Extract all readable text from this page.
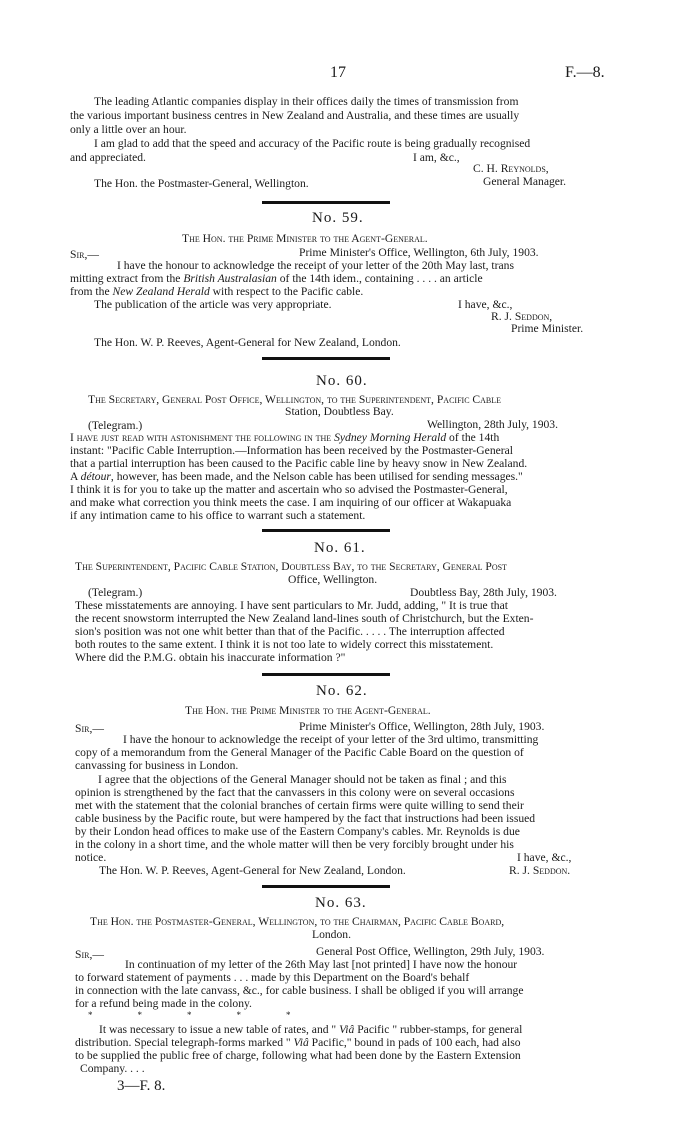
17	F.—8.
The leading Atlantic companies display in their offices daily the times of transmission from
the various important business centres in New Zealand and Australia, and these times are usually
only a little over an hour.
I am glad to add that the speed and accuracy of the Pacific route is being gradually recognised
and appreciated.	I am, &c.,
C. H. Reynolds,
The Hon. the Postmaster-General, Wellington.	General Manager.
No. 59.
The Hon. the Prime Minister to the Agent-General.
Sir,—	Prime Minister's Office, Wellington, 6th July, 1903.
I have the honour to acknowledge the receipt of your letter of the 20th May last, trans
mitting extract from the British Australasian of the 14th idem., containing . . . . an article
from the New Zealand Herald with respect to the Pacific cable.
The publication of the article was very appropriate.	I have, &c.,
R. J. Seddon,
Prime Minister.
The Hon. W. P. Reeves, Agent-General for New Zealand, London.
No. 60.
The Secretary, General Post Office, Wellington, to the Superintendent, Pacific Cable
Station, Doubtless Bay.
(Telegram.)	Wellington, 28th July, 1903.
I have just read with astonishment the following in the Sydney Morning Herald of the 14th
instant: "Pacific Cable Interruption.—Information has been received by the Postmaster-General
that a partial interruption has been caused to the Pacific cable line by heavy snow in New Zealand.
A détour, however, has been made, and the Nelson cable has been utilised for sending messages."
I think it is for you to take up the matter and ascertain who so advised the Postmaster-General,
and make what correction you think meets the case. I am inquiring of our officer at Wakapuaka
if any intimation came to his office to warrant such a statement.
No. 61.
The Superintendent, Pacific Cable Station, Doubtless Bay, to the Secretary, General Post
Office, Wellington.
(Telegram.)	Doubtless Bay, 28th July, 1903.
These misstatements are annoying. I have sent particulars to Mr. Judd, adding, " It is true that
the recent snowstorm interrupted the New Zealand land-lines south of Christchurch, but the Exten-
sion's position was not one whit better than that of the Pacific. . . . . The interruption affected
both routes to the same extent. I think it is not too late to widely correct this misstatement.
Where did the P.M.G. obtain his inaccurate information ?"
No. 62.
The Hon. the Prime Minister to the Agent-General.
Sir,—	Prime Minister's Office, Wellington, 28th July, 1903.
I have the honour to acknowledge the receipt of your letter of the 3rd ultimo, transmitting
copy of a memorandum from the General Manager of the Pacific Cable Board on the question of
canvassing for business in London.
I agree that the objections of the General Manager should not be taken as final ; and this
opinion is strengthened by the fact that the canvassers in this colony were on several occasions
met with the statement that the colonial branches of certain firms were quite willing to send their
cable business by the Pacific route, but were hampered by the fact that instructions had been issued
by their London head offices to make use of the Eastern Company's cables. Mr. Reynolds is due
in the colony in a short time, and the whole matter will then be very forcibly brought under his
notice.	I have, &c.,
The Hon. W. P. Reeves, Agent-General for New Zealand, London.	R. J. Seddon.
No. 63.
The Hon. the Postmaster-General, Wellington, to the Chairman, Pacific Cable Board,
London.
Sir,—	General Post Office, Wellington, 29th July, 1903.
In continuation of my letter of the 26th May last [not printed] I have now the honour
to forward statement of payments . . . made by this Department on the Board's behalf
in connection with the late canvass, &c., for cable business. I shall be obliged if you will arrange
for a refund being made in the colony.
*                    *                    *                    *                    *
It was necessary to issue a new table of rates, and " Viâ Pacific " rubber-stamps, for general
distribution. Special telegraph-forms marked " Viâ Pacific," bound in pads of 100 each, had also
to be supplied the public free of charge, following what had been done by the Eastern Extension
Company. . . .
3—F. 8.
